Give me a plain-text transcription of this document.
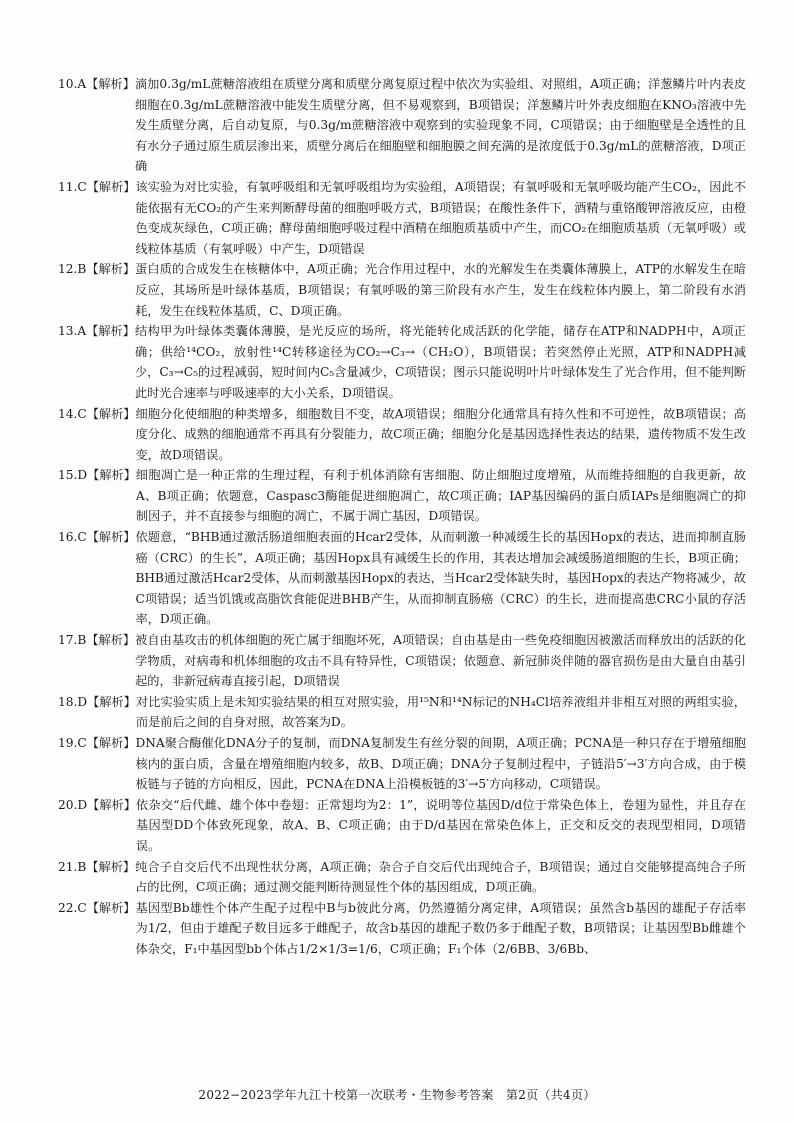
10.A【解析】 滴加0.3g/mL蔗糖溶液组在质壁分离和质壁分离复原过程中依次为实验组、对照组，A项正确；洋葱鳞片叶内表皮细胞在0.3g/mL蔗糖溶液中能发生质壁分离，但不易观察到，B项错误；洋葱鳞片叶外表皮细胞在KNO₃溶液中先发生质壁分离，后自动复原，与0.3g/m蔗糖溶液中观察到的实验现象不同，C项错误；由于细胞壁是全透性的且有水分子通过原生质层渗出来，质壁分离后在细胞壁和细胞膜之间充满的是浓度低于0.3g/mL的蔗糖溶液，D项正确
11.C【解析】 该实验为对比实验，有氧呼吸组和无氧呼吸组均为实验组，A项错误；有氧呼吸和无氧呼吸均能产生CO₂，因此不能依据有无CO₂的产生来判断酵母菌的细胞呼吸方式，B项错误；在酸性条件下，酒精与重铬酸钾溶液反应，由橙色变成灰绿色，C项正确；酵母菌细胞呼吸过程中酒精在细胞质基质中产生，而CO₂在细胞质基质（无氧呼吸）或线粒体基质（有氧呼吸）中产生，D项错误
12.B【解析】 蛋白质的合成发生在核糖体中，A项正确；光合作用过程中，水的光解发生在类囊体薄膜上，ATP的水解发生在暗反应，其场所是叶绿体基质，B项错误；有氧呼吸的第三阶段有水产生，发生在线粒体内膜上，第二阶段有水消耗，发生在线粒体基质，C、D项正确。
13.A【解析】 结构甲为叶绿体类囊体薄膜，是光反应的场所，将光能转化成活跃的化学能，储存在ATP和NADPH中，A项正确；供给¹⁴CO₂，放射性¹⁴C转移途径为CO₂→C₃→（CH₂O），B项错误；若突然停止光照，ATP和NADPH减少，C₃→C₅的过程减弱，短时间内C₅含量减少，C项错误；图示只能说明叶片叶绿体发生了光合作用，但不能判断此时光合速率与呼吸速率的大小关系，D项错误。
14.C【解析】 细胞分化使细胞的种类增多，细胞数目不变，故A项错误；细胞分化通常具有持久性和不可逆性，故B项错误；高度分化、成熟的细胞通常不再具有分裂能力，故C项正确；细胞分化是基因选择性表达的结果，遗传物质不发生改变，故D项错误。
15.D【解析】 细胞凋亡是一种正常的生理过程，有利于机体消除有害细胞、防止细胞过度增殖，从而维持细胞的自我更新，故A、B项正确；依题意，Caspasc3酶能促进细胞凋亡，故C项正确；IAP基因编码的蛋白质IAPs是细胞凋亡的抑制因子，并不直接参与细胞的凋亡，不属于凋亡基因，D项错误。
16.C【解析】 依题意，“BHB通过激活肠道细胞表面的Hcar2受体，从而刺激一种减缓生长的基因Hopx的表达，进而抑制直肠癌（CRC）的生长”，A项正确；基因Hopx具有减缓生长的作用，其表达增加会减缓肠道细胞的生长，B项正确；BHB通过激活Hcar2受体，从而刺激基因Hopx的表达，当Hcar2受体缺失时，基因Hopx的表达产物将减少，故C项错误；适当饥饿或高脂饮食能促进BHB产生，从而抑制直肠癌（CRC）的生长，进而提高患CRC小鼠的存活率，D项正确。
17.B【解析】 被自由基攻击的机体细胞的死亡属于细胞坏死，A项错误；自由基是由一些免疫细胞因被激活而释放出的活跃的化学物质，对病毒和机体细胞的攻击不具有特异性，C项错误；依题意、新冠肺炎伴随的器官损伤是由大量自由基引起的，非新冠病毒直接引起，D项错误
18.D【解析】 对比实验实质上是未知实验结果的相互对照实验，用¹⁵N和¹⁴N标记的NH₄Cl培养液组并非相互对照的两组实验，而是前后之间的自身对照，故答案为D。
19.C【解析】 DNA聚合酶催化DNA分子的复制，而DNA复制发生有丝分裂的间期，A项正确；PCNA是一种只存在于增殖细胞核内的蛋白质，含量在增殖细胞内较多，故B、D项正确；DNA分子复制过程中，子链沿5′→3′方向合成，由于模板链与子链的方向相反，因此，PCNA在DNA上沿模板链的3′→5′方向移动，C项错误。
20.D【解析】 依杂交“后代雌、雄个体中卷翅：正常翅均为2：1”，说明等位基因D/d位于常染色体上，卷翅为显性，并且存在基因型DD个体致死现象，故A、B、C项正确；由于D/d基因在常染色体上，正交和反交的表现型相同，D项错误。
21.B【解析】 纯合子自交后代不出现性状分离，A项正确；杂合子自交后代出现纯合子，B项错误；通过自交能够提高纯合子所占的比例，C项正确；通过测交能判断待测显性个体的基因组成，D项正确。
22.C【解析】 基因型Bb雄性个体产生配子过程中B与b彼此分离，仍然遵循分离定律，A项错误；虽然含b基因的雄配子存活率为1/2，但由于雄配子数目远多于雌配子，故含b基因的雄配子数仍多于雌配子数，B项错误；让基因型Bb雌雄个体杂交，F₁中基因型bb个体占1/2×1/3=1/6，C项正确；F₁个体（2/6BB、3/6Bb、
2022−2023学年九江十校第一次联考・生物参考答案　第2页（共4页）
